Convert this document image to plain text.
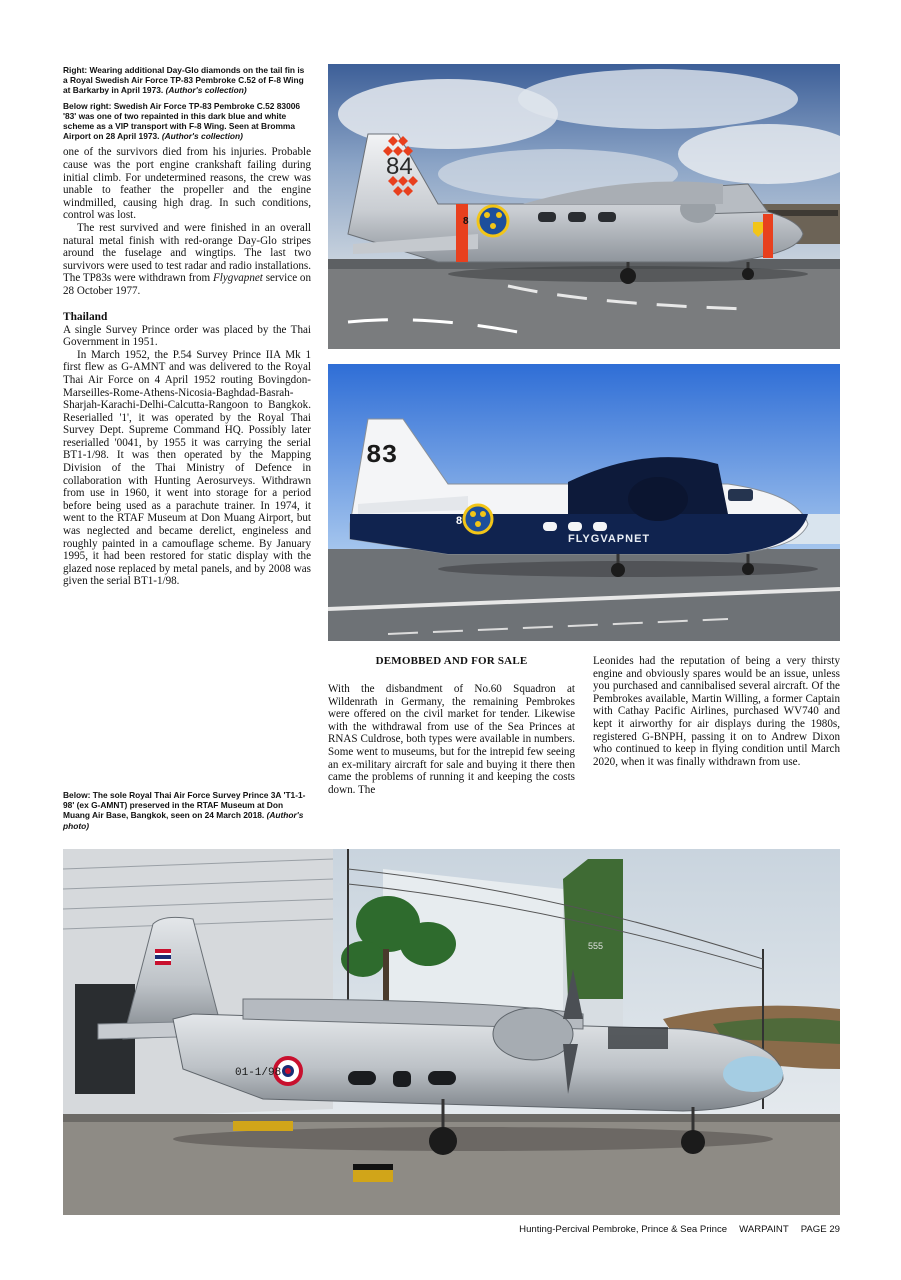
Right: Wearing additional Day-Glo diamonds on the tail fin is a Royal Swedish Air Force TP-83 Pembroke C.52 of F-8 Wing at Barkarby in April 1973. (Author's collection)

Below right: Swedish Air Force TP-83 Pembroke C.52 83006 '83' was one of two repainted in this dark blue and white scheme as a VIP transport with F-8 Wing. Seen at Bromma Airport on 28 April 1973. (Author's collection)

one of the survivors died from his injuries. Probable cause was the port engine crankshaft failing during initial climb. For undetermined reasons, the crew was unable to feather the propeller and the engine windmilled, causing high drag. In such conditions, control was lost.

The rest survived and were finished in an overall natural metal finish with red-orange Day-Glo stripes around the fuselage and wingtips. The last two survivors were used to test radar and radio installations. The TP83s were withdrawn from Flygvapnet service on 28 October 1977.

Thailand

A single Survey Prince order was placed by the Thai Government in 1951.

In March 1952, the P.54 Survey Prince IIA Mk 1 first flew as G-AMNT and was delivered to the Royal Thai Air Force on 4 April 1952 routing Bovingdon-Marseilles-Rome-Athens-Nicosia-Baghdad-Basrah-Sharjah-Karachi-Delhi-Calcutta-Rangoon to Bangkok. Reserialled '1', it was operated by the Royal Thai Survey Dept. Supreme Command HQ. Possibly later reserialled '0041, by 1955 it was carrying the serial BT1-1/98. It was then operated by the Mapping Division of the Thai Ministry of Defence in collaboration with Hunting Aerosurveys. Withdrawn from use in 1960, it went into storage for a period before being used as a parachute trainer. In 1974, it went to the RTAF Museum at Don Muang Airport, but was neglected and became derelict, engineless and roughly painted in a camouflage scheme. By January 1995, it had been restored for static display with the glazed nose replaced by metal panels, and by 2008 was given the serial BT1-1/98.

Below: The sole Royal Thai Air Force Survey Prince 3A 'T1-1-98' (ex G-AMNT) preserved in the RTAF Museum at Don Muang Air Base, Bangkok, seen on 24 March 2018. (Author's photo)

84
8
83
8
FLYGVAPNET
DEMOBBED AND FOR SALE
With the disbandment of No.60 Squadron at Wildenrath in Germany, the remaining Pembrokes were offered on the civil market for tender. Likewise with the withdrawal from use of the Sea Princes at RNAS Culdrose, both types were available in numbers. Some went to museums, but for the intrepid few seeing an ex-military aircraft for sale and buying it there then came the problems of running it and keeping the costs down. The
Leonides had the reputation of being a very thirsty engine and obviously spares would be an issue, unless you purchased and cannibalised several aircraft. Of the Pembrokes available, Martin Willing, a former Captain with Cathay Pacific Airlines, purchased WV740 and kept it airworthy for air displays during the 1980s, registered G-BNPH, passing it on to Andrew Dixon who continued to keep in flying condition until March 2020, when it was finally withdrawn from use.
555
01-1/98
Hunting-Percival Pembroke, Prince & Sea Prince WARPAINT PAGE 29
